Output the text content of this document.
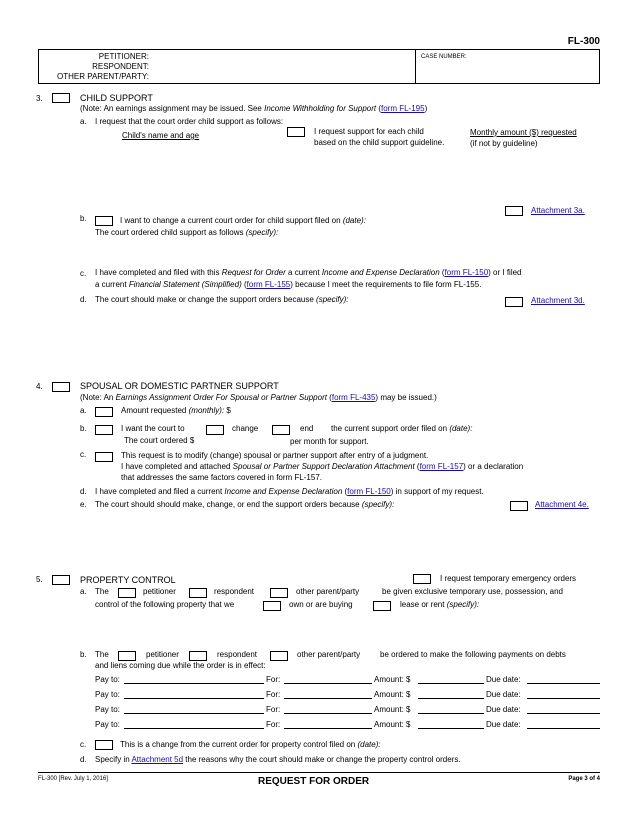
FL-300
PETITIONER:
RESPONDENT:
OTHER PARENT/PARTY:
CASE NUMBER:
3.	CHILD SUPPORT
(Note: An earnings assignment may be issued. See Income Withholding for Support (form FL-195)
a. I request that the court order child support as follows:
Child's name and age	I request support for each child
based on the child support guideline.
Monthly amount ($) requested
(if not by guideline)
Attachment 3a.
b.	I want to change a current court order for child support filed on (date):
The court ordered child support as follows (specify):
c. I have completed and filed with this Request for Order a current Income and Expense Declaration (form FL-150) or I filed
a current Financial Statement (Simplified) (form FL-155) because I meet the requirements to file form FL-155.
d. The court should make or change the support orders because (specify):	Attachment 3d.
4.	SPOUSAL OR DOMESTIC PARTNER SUPPORT
(Note: An Earnings Assignment Order For Spousal or Partner Support (form FL-435) may be issued.)
a.	Amount requested (monthly): $
b.	I want the court to	change	end the current support order filed on (date):
The court ordered $	per month for support.
c.	This request is to modify (change) spousal or partner support after entry of a judgment.
I have completed and attached Spousal or Partner Support Declaration Attachment (form FL-157) or a declaration
that addresses the same factors covered in form FL-157.
d. I have completed and filed a current Income and Expense Declaration (form FL-150) in support of my request.
e. The court should should make, change, or end the support orders because (specify):	Attachment 4e.
5.	PROPERTY CONTROL	I request temporary emergency orders
a. The	petitioner	respondent	other parent/party	be given exclusive temporary use, possession, and
control of the following property that we	own or are buying	lease or rent (specify):
b. The	petitioner	respondent	other parent/party be ordered to make the following payments on debts
and liens coming due while the order is in effect:
Pay to:	For:	Amount: $	Due date:
Pay to:	For:	Amount: $	Due date:
Pay to:	For:	Amount: $	Due date:
Pay to:	For:	Amount: $	Due date:
c.	This is a change from the current order for property control filed on (date):
d. Specify in Attachment 5d the reasons why the court should make or change the property control orders.
FL-300 [Rev. July 1, 2016]	REQUEST FOR ORDER	Page 3 of 4
